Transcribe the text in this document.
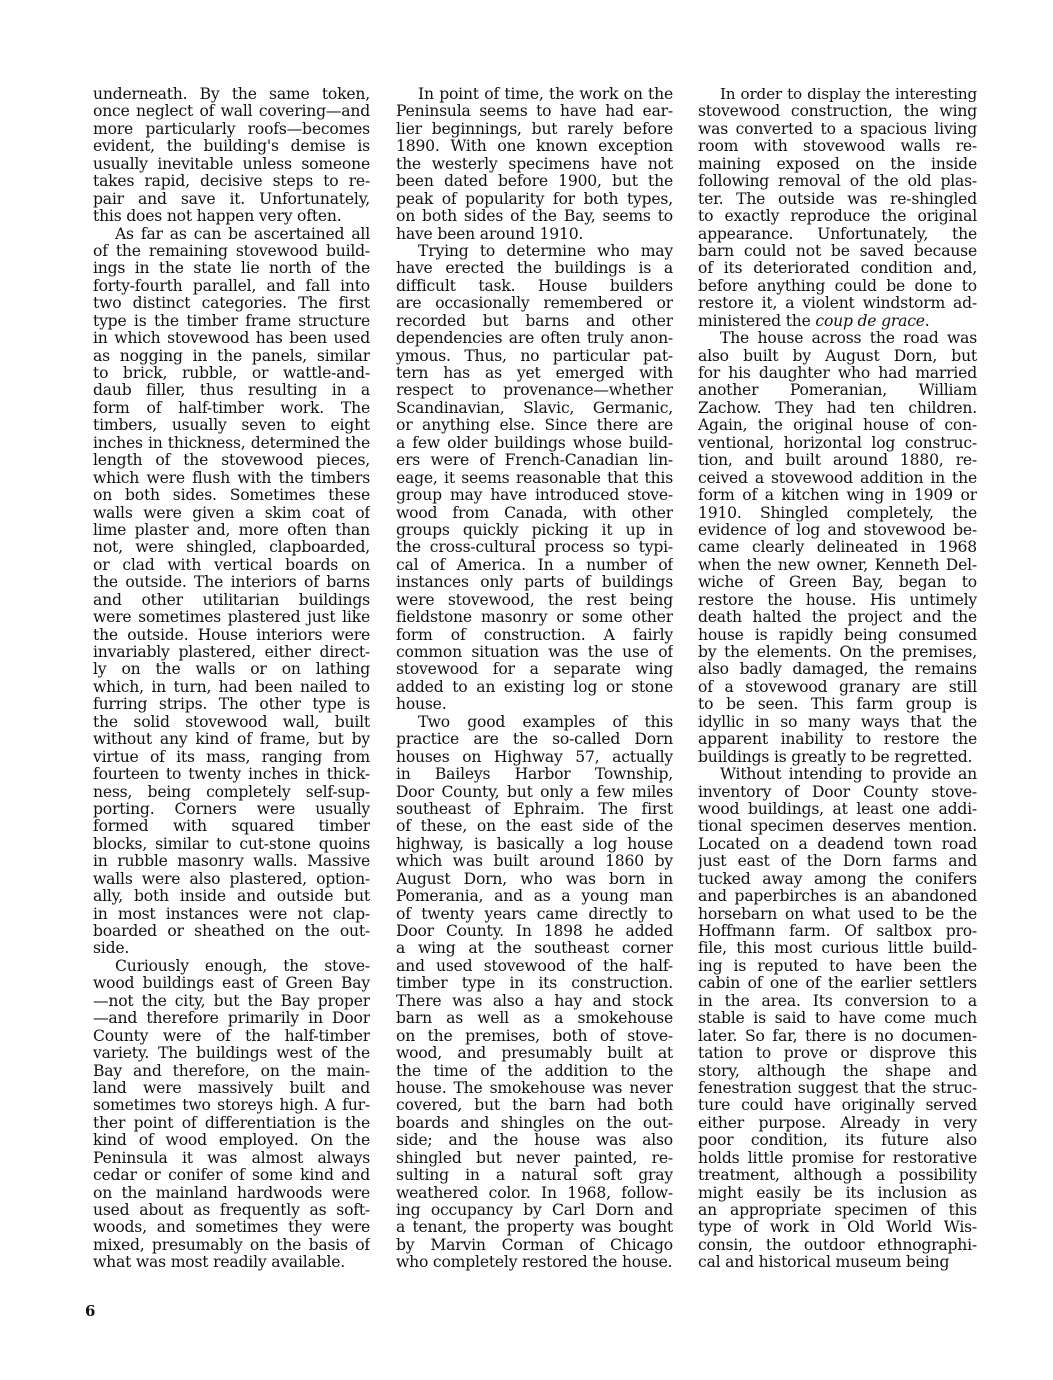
underneath. By the same token,
once neglect of wall covering—and
more particularly roofs—becomes
evident, the building's demise is
usually inevitable unless someone
takes rapid, decisive steps to re-
pair and save it. Unfortunately,
this does not happen very often.
As far as can be ascertained all
of the remaining stovewood build-
ings in the state lie north of the
forty-fourth parallel, and fall into
two distinct categories. The first
type is the timber frame structure
in which stovewood has been used
as nogging in the panels, similar
to brick, rubble, or wattle-and-
daub filler, thus resulting in a
form of half-timber work. The
timbers, usually seven to eight
inches in thickness, determined the
length of the stovewood pieces,
which were flush with the timbers
on both sides. Sometimes these
walls were given a skim coat of
lime plaster and, more often than
not, were shingled, clapboarded,
or clad with vertical boards on
the outside. The interiors of barns
and other utilitarian buildings
were sometimes plastered just like
the outside. House interiors were
invariably plastered, either direct-
ly on the walls or on lathing
which, in turn, had been nailed to
furring strips. The other type is
the solid stovewood wall, built
without any kind of frame, but by
virtue of its mass, ranging from
fourteen to twenty inches in thick-
ness, being completely self-sup-
porting. Corners were usually
formed with squared timber
blocks, similar to cut-stone quoins
in rubble masonry walls. Massive
walls were also plastered, option-
ally, both inside and outside but
in most instances were not clap-
boarded or sheathed on the out-
side.
Curiously enough, the stove-
wood buildings east of Green Bay
—not the city, but the Bay proper
—and therefore primarily in Door
County were of the half-timber
variety. The buildings west of the
Bay and therefore, on the main-
land were massively built and
sometimes two storeys high. A fur-
ther point of differentiation is the
kind of wood employed. On the
Peninsula it was almost always
cedar or conifer of some kind and
on the mainland hardwoods were
used about as frequently as soft-
woods, and sometimes they were
mixed, presumably on the basis of
what was most readily available.
In point of time, the work on the
Peninsula seems to have had ear-
lier beginnings, but rarely before
1890. With one known exception
the westerly specimens have not
been dated before 1900, but the
peak of popularity for both types,
on both sides of the Bay, seems to
have been around 1910.
Trying to determine who may
have erected the buildings is a
difficult task. House builders
are occasionally remembered or
recorded but barns and other
dependencies are often truly anon-
ymous. Thus, no particular pat-
tern has as yet emerged with
respect to provenance—whether
Scandinavian, Slavic, Germanic,
or anything else. Since there are
a few older buildings whose build-
ers were of French-Canadian lin-
eage, it seems reasonable that this
group may have introduced stove-
wood from Canada, with other
groups quickly picking it up in
the cross-cultural process so typi-
cal of America. In a number of
instances only parts of buildings
were stovewood, the rest being
fieldstone masonry or some other
form of construction. A fairly
common situation was the use of
stovewood for a separate wing
added to an existing log or stone
house.
Two good examples of this
practice are the so-called Dorn
houses on Highway 57, actually
in Baileys Harbor Township,
Door County, but only a few miles
southeast of Ephraim. The first
of these, on the east side of the
highway, is basically a log house
which was built around 1860 by
August Dorn, who was born in
Pomerania, and as a young man
of twenty years came directly to
Door County. In 1898 he added
a wing at the southeast corner
and used stovewood of the half-
timber type in its construction.
There was also a hay and stock
barn as well as a smokehouse
on the premises, both of stove-
wood, and presumably built at
the time of the addition to the
house. The smokehouse was never
covered, but the barn had both
boards and shingles on the out-
side; and the house was also
shingled but never painted, re-
sulting in a natural soft gray
weathered color. In 1968, follow-
ing occupancy by Carl Dorn and
a tenant, the property was bought
by Marvin Corman of Chicago
who completely restored the house.
In order to display the interesting
stovewood construction, the wing
was converted to a spacious living
room with stovewood walls re-
maining exposed on the inside
following removal of the old plas-
ter. The outside was re-shingled
to exactly reproduce the original
appearance. Unfortunately, the
barn could not be saved because
of its deteriorated condition and,
before anything could be done to
restore it, a violent windstorm ad-
ministered the coup de grace.
The house across the road was
also built by August Dorn, but
for his daughter who had married
another Pomeranian, William
Zachow. They had ten children.
Again, the original house of con-
ventional, horizontal log construc-
tion, and built around 1880, re-
ceived a stovewood addition in the
form of a kitchen wing in 1909 or
1910. Shingled completely, the
evidence of log and stovewood be-
came clearly delineated in 1968
when the new owner, Kenneth Del-
wiche of Green Bay, began to
restore the house. His untimely
death halted the project and the
house is rapidly being consumed
by the elements. On the premises,
also badly damaged, the remains
of a stovewood granary are still
to be seen. This farm group is
idyllic in so many ways that the
apparent inability to restore the
buildings is greatly to be regretted.
Without intending to provide an
inventory of Door County stove-
wood buildings, at least one addi-
tional specimen deserves mention.
Located on a deadend town road
just east of the Dorn farms and
tucked away among the conifers
and paperbirches is an abandoned
horsebarn on what used to be the
Hoffmann farm. Of saltbox pro-
file, this most curious little build-
ing is reputed to have been the
cabin of one of the earlier settlers
in the area. Its conversion to a
stable is said to have come much
later. So far, there is no documen-
tation to prove or disprove this
story, although the shape and
fenestration suggest that the struc-
ture could have originally served
either purpose. Already in very
poor condition, its future also
holds little promise for restorative
treatment, although a possibility
might easily be its inclusion as
an appropriate specimen of this
type of work in Old World Wis-
consin, the outdoor ethnographi-
cal and historical museum being
6
